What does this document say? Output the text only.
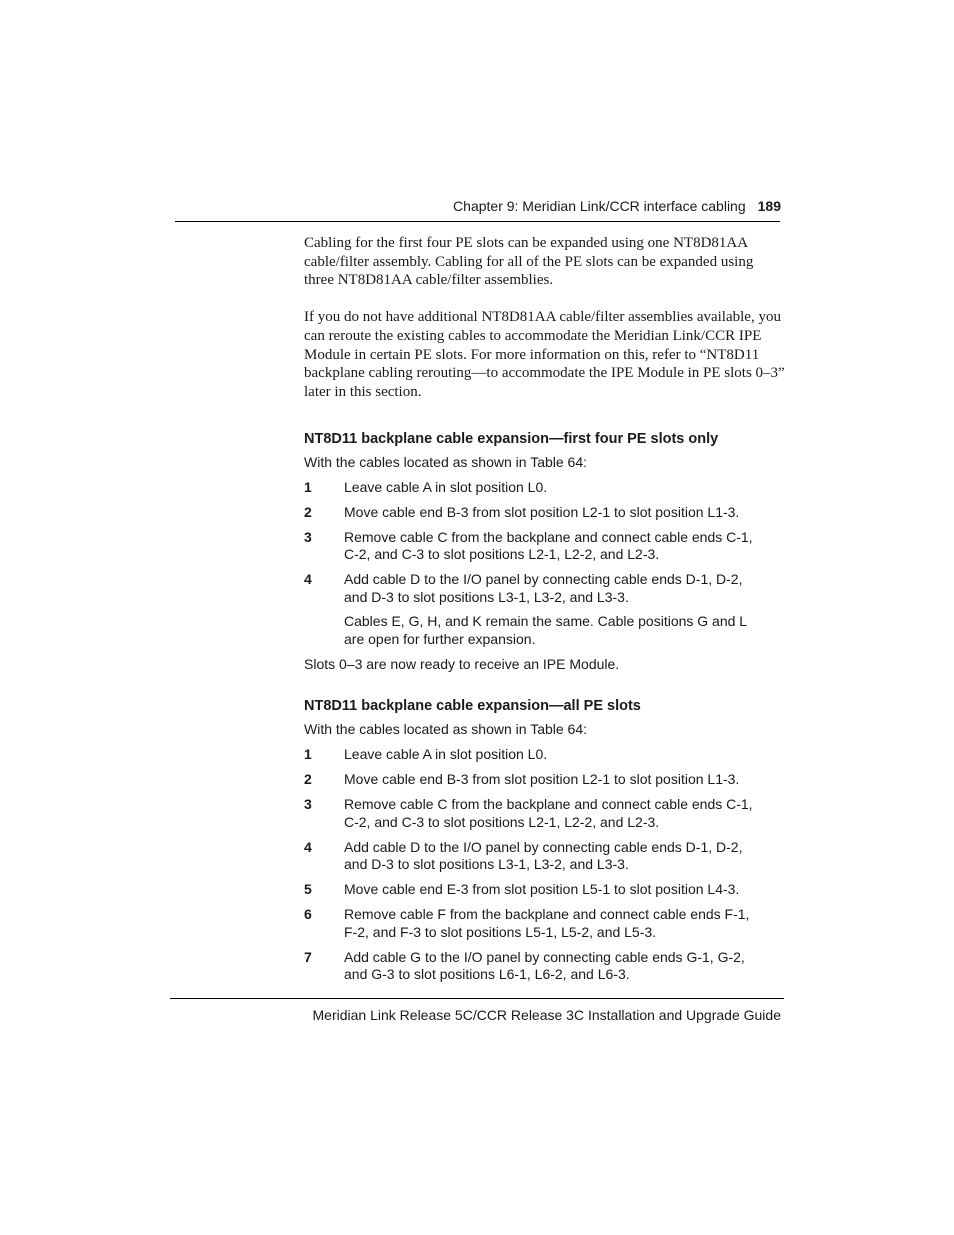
Chapter 9: Meridian Link/CCR interface cabling 189

Cabling for the first four PE slots can be expanded using one NT8D81AA cable/filter assembly. Cabling for all of the PE slots can be expanded using three NT8D81AA cable/filter assemblies.

If you do not have additional NT8D81AA cable/filter assemblies available, you can reroute the existing cables to accommodate the Meridian Link/CCR IPE Module in certain PE slots. For more information on this, refer to “NT8D11 backplane cabling rerouting—to accommodate the IPE Module in PE slots 0–3” later in this section.

NT8D11 backplane cable expansion—first four PE slots only

With the cables located as shown in Table 64:

1	Leave cable A in slot position L0.
2	Move cable end B-3 from slot position L2-1 to slot position L1-3.
3	Remove cable C from the backplane and connect cable ends C-1, C-2, and C-3 to slot positions L2-1, L2-2, and L2-3.
4	Add cable D to the I/O panel by connecting cable ends D-1, D-2, and D-3 to slot positions L3-1, L3-2, and L3-3.

Cables E, G, H, and K remain the same. Cable positions G and L are open for further expansion.

Slots 0–3 are now ready to receive an IPE Module.

NT8D11 backplane cable expansion—all PE slots

With the cables located as shown in Table 64:

1	Leave cable A in slot position L0.
2	Move cable end B-3 from slot position L2-1 to slot position L1-3.
3	Remove cable C from the backplane and connect cable ends C-1, C-2, and C-3 to slot positions L2-1, L2-2, and L2-3.
4	Add cable D to the I/O panel by connecting cable ends D-1, D-2, and D-3 to slot positions L3-1, L3-2, and L3-3.
5	Move cable end E-3 from slot position L5-1 to slot position L4-3.
6	Remove cable F from the backplane and connect cable ends F-1, F-2, and F-3 to slot positions L5-1, L5-2, and L5-3.
7	Add cable G to the I/O panel by connecting cable ends G-1, G-2, and G-3 to slot positions L6-1, L6-2, and L6-3.
Meridian Link Release 5C/CCR Release 3C Installation and Upgrade Guide
